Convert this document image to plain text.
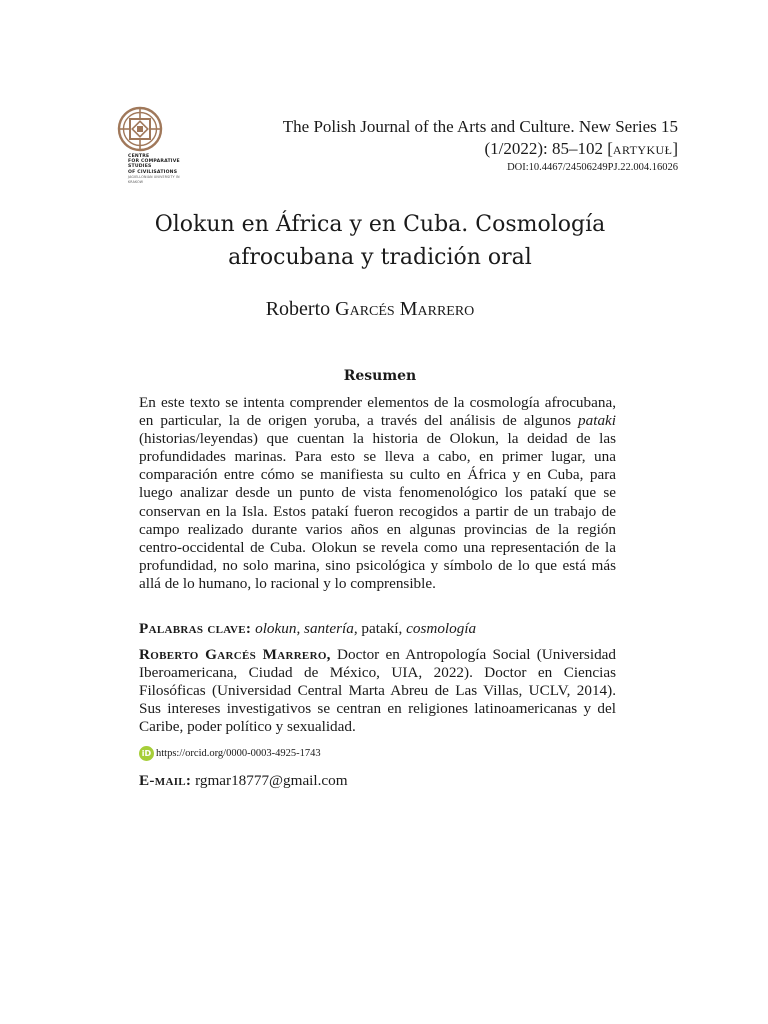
CENTRE
FOR COMPARATIVE
STUDIES
OF CIVILISATIONS
JAGIELLONIAN UNIVERSITY IN KRAKOW
The Polish Journal of the Arts and Culture. New Series 15
(1/2022): 85–102 [artykuł]
DOI:10.4467/24506249PJ.22.004.16026
Olokun en África y en Cuba. Cosmología
afrocubana y tradición oral
Roberto Garcés Marrero
Resumen
En este texto se intenta comprender elementos de la cosmología afrocubana, en particular, la de origen yoruba, a través del análisis de algunos pataki (historias/leyendas) que cuentan la historia de Olokun, la deidad de las profundidades marinas. Para esto se lleva a cabo, en primer lugar, una comparación entre cómo se manifiesta su culto en África y en Cuba, para luego analizar desde un punto de vista fenomenológico los patakí que se conservan en la Isla. Estos patakí fueron recogidos a partir de un trabajo de campo realizado durante varios años en algunas provincias de la región centro-occidental de Cuba. Olokun se revela como una representación de la profundidad, no solo marina, sino psicológica y símbolo de lo que está más allá de lo humano, lo racional y lo comprensible.
Palabras clave: olokun, santería, patakí, cosmología
Roberto Garcés Marrero, Doctor en Antropología Social (Universidad Iberoamericana, Ciudad de México, UIA, 2022). Doctor en Ciencias Filosóficas (Universidad Central Marta Abreu de Las Villas, UCLV, 2014). Sus intereses investigativos se centran en religiones latinoamericanas y del Caribe, poder político y sexualidad.
iD https://orcid.org/0000-0003-4925-1743
E-mail: rgmar18777@gmail.com
